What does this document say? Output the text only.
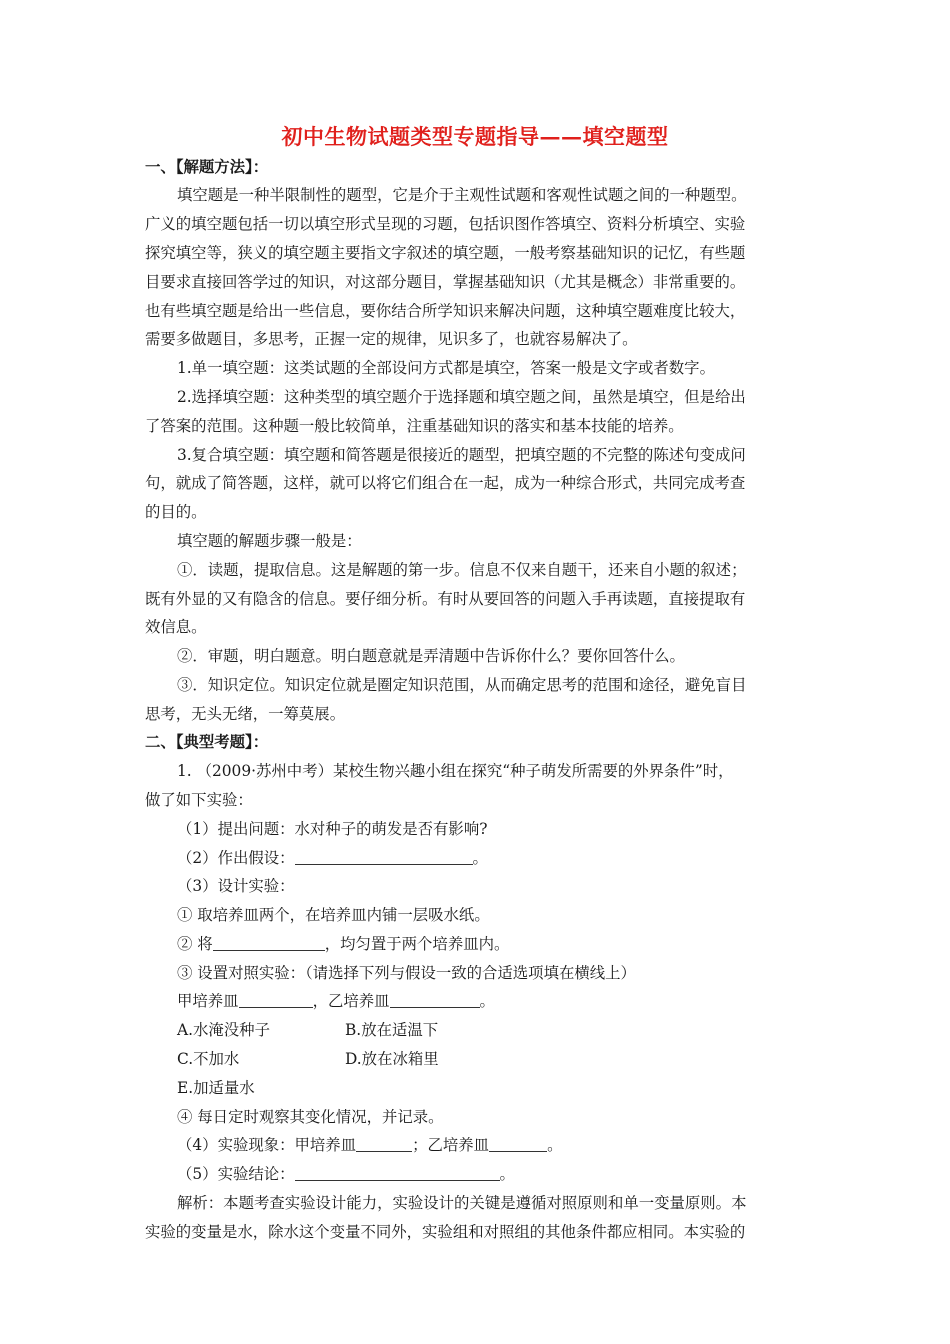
初中生物试题类型专题指导——填空题型
一、【解题方法】：
填空题是一种半限制性的题型，它是介于主观性试题和客观性试题之间的一种题型。
广义的填空题包括一切以填空形式呈现的习题，包括识图作答填空、资料分析填空、实验
探究填空等，狭义的填空题主要指文字叙述的填空题，一般考察基础知识的记忆，有些题
目要求直接回答学过的知识，对这部分题目，掌握基础知识（尤其是概念）非常重要的。
也有些填空题是给出一些信息，要你结合所学知识来解决问题，这种填空题难度比较大，
需要多做题目，多思考，正握一定的规律，见识多了，也就容易解决了。
1.单一填空题：这类试题的全部设问方式都是填空，答案一般是文字或者数字。
2.选择填空题：这种类型的填空题介于选择题和填空题之间，虽然是填空，但是给出
了答案的范围。这种题一般比较简单，注重基础知识的落实和基本技能的培养。
3.复合填空题：填空题和简答题是很接近的题型，把填空题的不完整的陈述句变成问
句，就成了简答题，这样，就可以将它们组合在一起，成为一种综合形式，共同完成考查
的目的。
填空题的解题步骤一般是：
①．读题，提取信息。这是解题的第一步。信息不仅来自题干，还来自小题的叙述；
既有外显的又有隐含的信息。要仔细分析。有时从要回答的问题入手再读题，直接提取有
效信息。
②．审题，明白题意。明白题意就是弄清题中告诉你什么？要你回答什么。
③．知识定位。知识定位就是圈定知识范围，从而确定思考的范围和途径，避免盲目
思考，无头无绪，一筹莫展。
二、【典型考题】：
1. （2009·苏州中考）某校生物兴趣小组在探究“种子萌发所需要的外界条件”时，
做了如下实验：
（1）提出问题：水对种子的萌发是否有影响?
（2）作出假设：	。
（3）设计实验：
① 取培养皿两个，在培养皿内铺一层吸水纸。
② 将	，均匀置于两个培养皿内。
③ 设置对照实验：（请选择下列与假设一致的合适选项填在横线上）
甲培养皿	，乙培养皿	。
A.水淹没种子	B.放在适温下
C.不加水	D.放在冰箱里
E.加适量水
④ 每日定时观察其变化情况，并记录。
（4）实验现象：甲培养皿	；乙培养皿	。
（5）实验结论：	。
解析：本题考查实验设计能力，实验设计的关键是遵循对照原则和单一变量原则。本
实验的变量是水，除水这个变量不同外，实验组和对照组的其他条件都应相同。本实验的
